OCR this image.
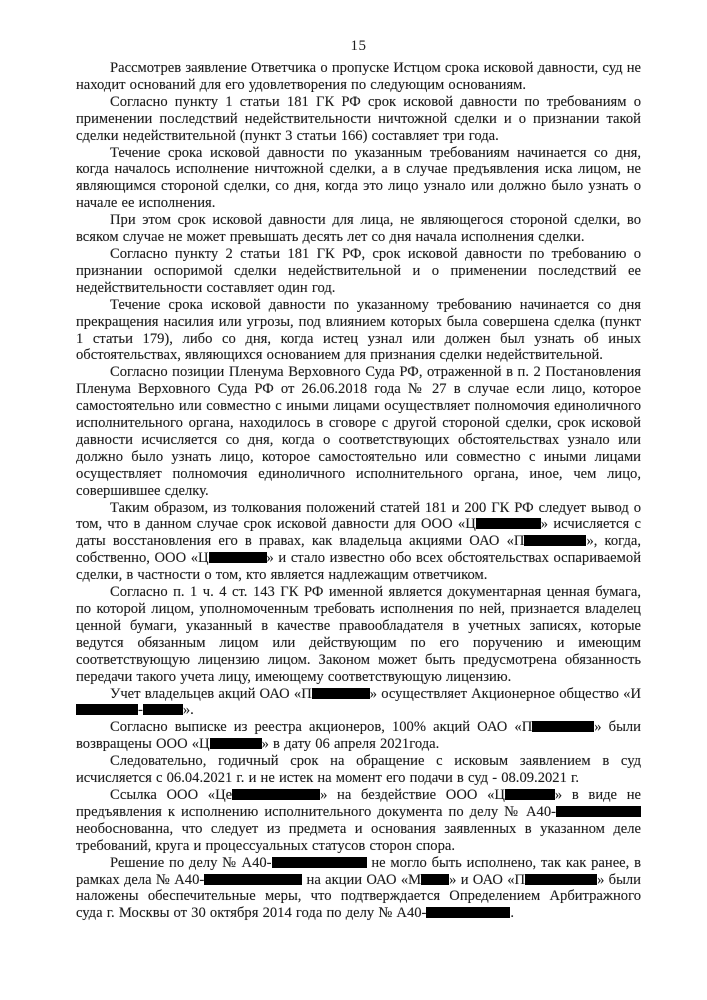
15

Рассмотрев заявление Ответчика о пропуске Истцом срока исковой давности, суд не находит оснований для его удовлетворения по следующим основаниям.

Согласно пункту 1 статьи 181 ГК РФ срок исковой давности по требованиям о применении последствий недействительности ничтожной сделки и о признании такой сделки недействительной (пункт 3 статьи 166) составляет три года.

Течение срока исковой давности по указанным требованиям начинается со дня, когда началось исполнение ничтожной сделки, а в случае предъявления иска лицом, не являющимся стороной сделки, со дня, когда это лицо узнало или должно было узнать о начале ее исполнения.

При этом срок исковой давности для лица, не являющегося стороной сделки, во всяком случае не может превышать десять лет со дня начала исполнения сделки.

Согласно пункту 2 статьи 181 ГК РФ, срок исковой давности по требованию о признании оспоримой сделки недействительной и о применении последствий ее недействительности составляет один год.

Течение срока исковой давности по указанному требованию начинается со дня прекращения насилия или угрозы, под влиянием которых была совершена сделка (пункт 1 статьи 179), либо со дня, когда истец узнал или должен был узнать об иных обстоятельствах, являющихся основанием для признания сделки недействительной.

Согласно позиции Пленума Верховного Суда РФ, отраженной в п. 2 Постановления Пленума Верховного Суда РФ от 26.06.2018 года № 27 в случае если лицо, которое самостоятельно или совместно с иными лицами осуществляет полномочия единоличного исполнительного органа, находилось в сговоре с другой стороной сделки, срок исковой давности исчисляется со дня, когда о соответствующих обстоятельствах узнало или должно было узнать лицо, которое самостоятельно или совместно с иными лицами осуществляет полномочия единоличного исполнительного органа, иное, чем лицо, совершившее сделку.

Таким образом, из толкования положений статей 181 и 200 ГК РФ следует вывод о том, что в данном случае срок исковой давности для ООО «Ц	» исчисляется с даты восстановления его в правах, как владельца акциями ОАО «П	», когда, собственно, ООО «Ц	» и стало известно обо всех обстоятельствах оспариваемой сделки, в частности о том, кто является надлежащим ответчиком.

Согласно п. 1 ч. 4 ст. 143 ГК РФ именной является документарная ценная бумага, по которой лицом, уполномоченным требовать исполнения по ней, признается владелец ценной бумаги, указанный в качестве правообладателя в учетных записях, которые ведутся обязанным лицом или действующим по его поручению и имеющим соответствующую лицензию лицом. Законом может быть предусмотрена обязанность передачи такого учета лицу, имеющему соответствующую лицензию.

Учет владельцев акций ОАО «П	» осуществляет Акционерное общество «И-	».

Согласно выписке из реестра акционеров, 100% акций ОАО «П	» были возвращены ООО «Ц	» в дату 06 апреля 2021года.

Следовательно, годичный срок на обращение с исковым заявлением в суд исчисляется с 06.04.2021 г. и не истек на момент его подачи в суд - 08.09.2021 г.

Ссылка ООО «Це	» на бездействие ООО «Ц	» в виде не предъявления к исполнению исполнительного документа по делу № А40- необоснованна, что следует из предмета и основания заявленных в указанном деле требований, круга и процессуальных статусов сторон спора.

Решение по делу № А40-	не могло быть исполнено, так как ранее, в рамках дела № А40-	на акции ОАО «М » и ОАО «П	» были наложены обеспечительные меры, что подтверждается Определением Арбитражного суда г. Москвы от 30 октября 2014 года по делу № А40-	.
